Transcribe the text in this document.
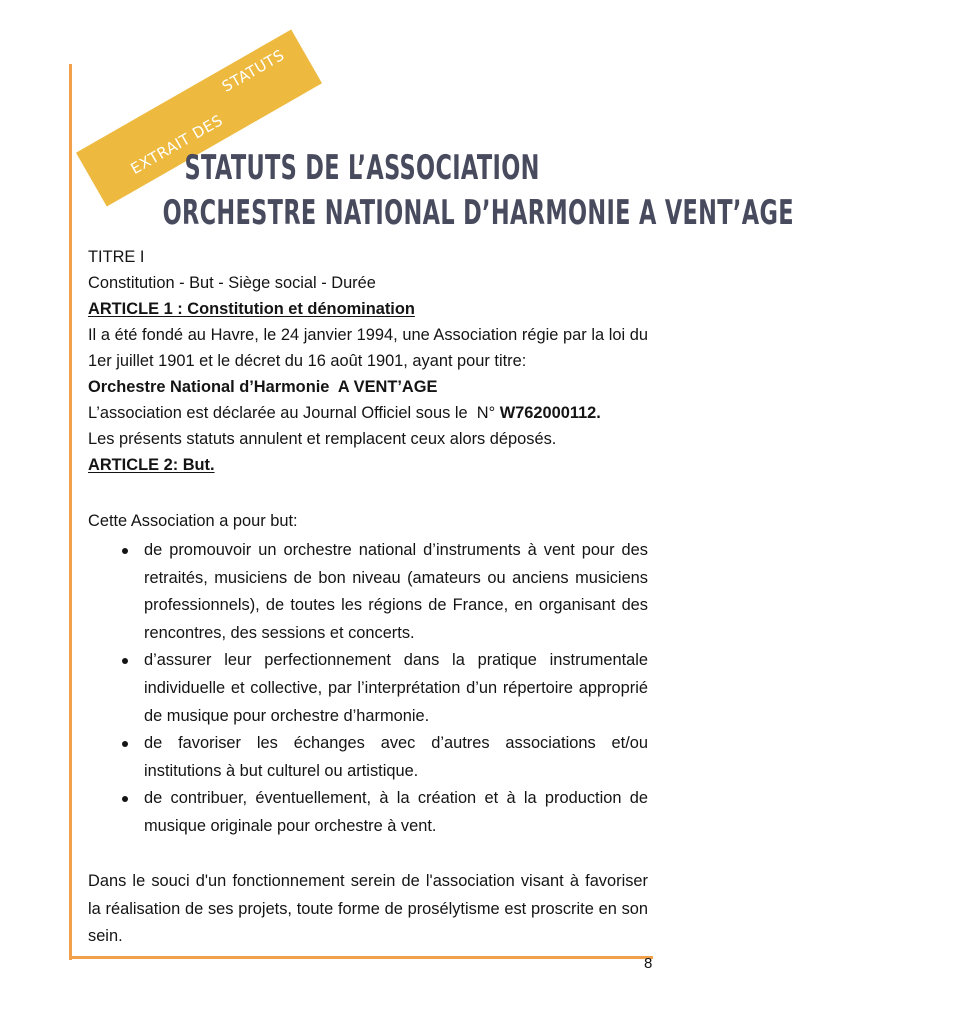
EXTRAIT DES
STATUTS
STATUTS DE L’ASSOCIATION
ORCHESTRE NATIONAL D’HARMONIE A VENT’AGE
TITRE I
Constitution - But - Siège social - Durée
ARTICLE 1 : Constitution et dénomination
Il a été fondé au Havre, le 24 janvier 1994, une Association régie par la loi du 1er juillet 1901 et le décret du 16 août 1901, ayant pour titre:
Orchestre National d’Harmonie  A VENT’AGE
L’association est déclarée au Journal Officiel sous le  N° W762000112.
Les présents statuts annulent et remplacent ceux alors déposés.
ARTICLE 2: But.
Cette Association a pour but:
de promouvoir un orchestre national d’instruments à vent pour des retraités, musiciens de bon niveau (amateurs ou anciens musiciens professionnels), de toutes les régions de France, en organisant des rencontres, des sessions et concerts.
d’assurer leur perfectionnement dans la pratique instrumentale individuelle et collective, par l’interprétation d’un répertoire approprié de musique pour orchestre d’harmonie.
de favoriser les échanges avec d’autres associations et/ou institutions à but culturel ou artistique.
de contribuer, éventuellement, à la création et à la production de musique originale pour orchestre à vent.
Dans le souci d'un fonctionnement serein de l'association visant à favoriser la réalisation de ses projets, toute forme de prosélytisme est proscrite en son sein.
8
